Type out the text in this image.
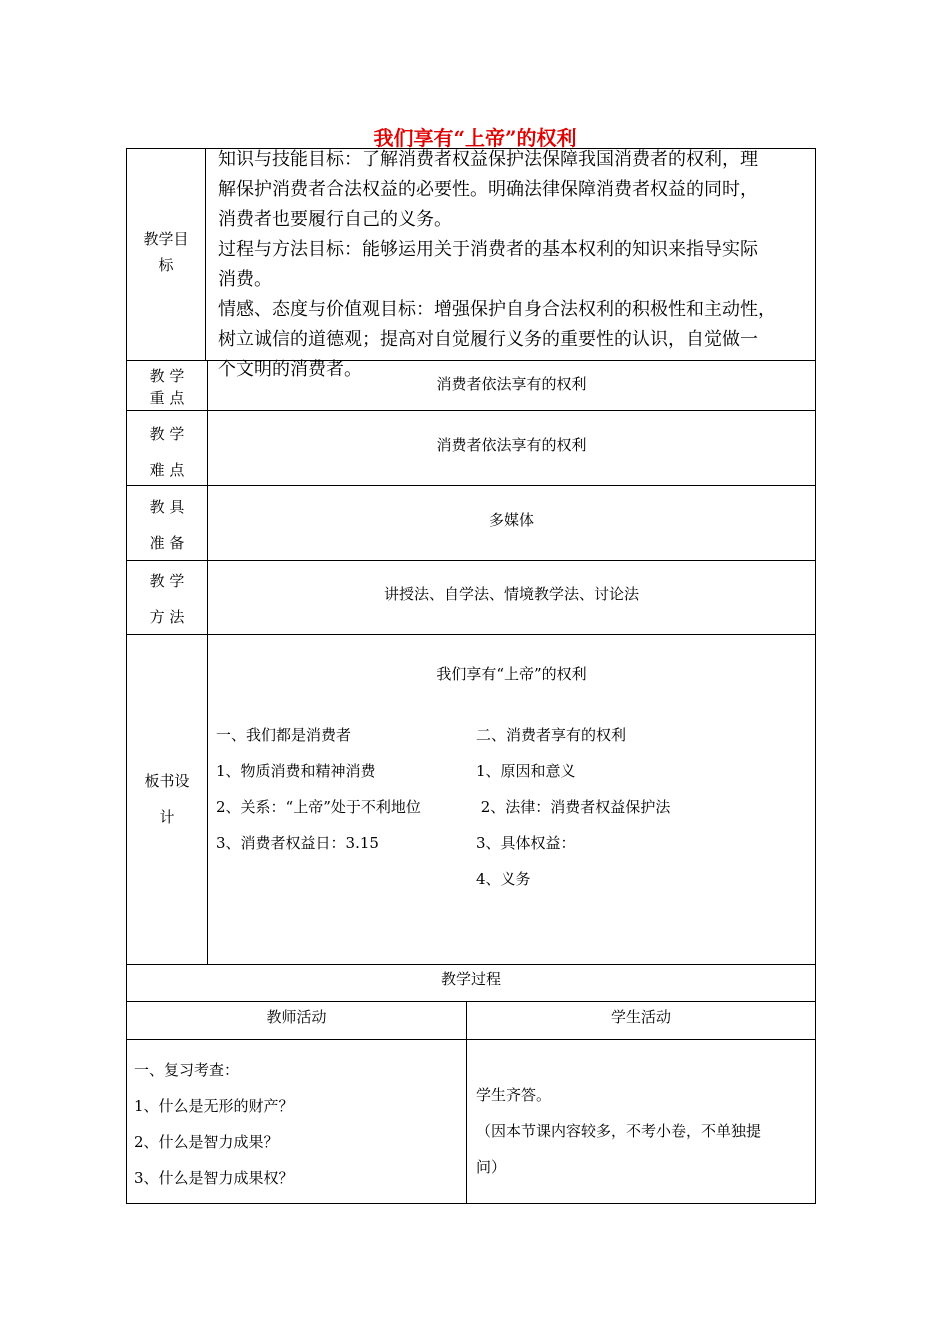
我们享有“上帝”的权利
教学目
标

知识与技能目标：了解消费者权益保护法保障我国消费者的权利，理

解保护消费者合法权益的必要性。明确法律保障消费者权益的同时，

消费者也要履行自己的义务。

过程与方法目标：能够运用关于消费者的基本权利的知识来指导实际

消费。

情感、态度与价值观目标：增强保护自身合法权利的积极性和主动性，

树立诚信的道德观；提高对自觉履行义务的重要性的认识，自觉做一

个文明的消费者。

教 学
重 点
消费者依法享有的权利
教 学
难 点
消费者依法享有的权利
教 具
准 备
多媒体
教 学
方 法
讲授法、自学法、情境教学法、讨论法
板书设
计

我们享有“上帝”的权利

一、我们都是消费者

1、物质消费和精神消费

2、关系：“上帝”处于不利地位

3、消费者权益日：3.15

二、消费者享有的权利

1、原因和意义

2、法律：消费者权益保护法

3、具体权益：

4、义务

教学过程
教师活动	学生活动

一、复习考查：

1、什么是无形的财产？

2、什么是智力成果？

3、什么是智力成果权？

学生齐答。

（因本节课内容较多，不考小卷，不单独提

问）
